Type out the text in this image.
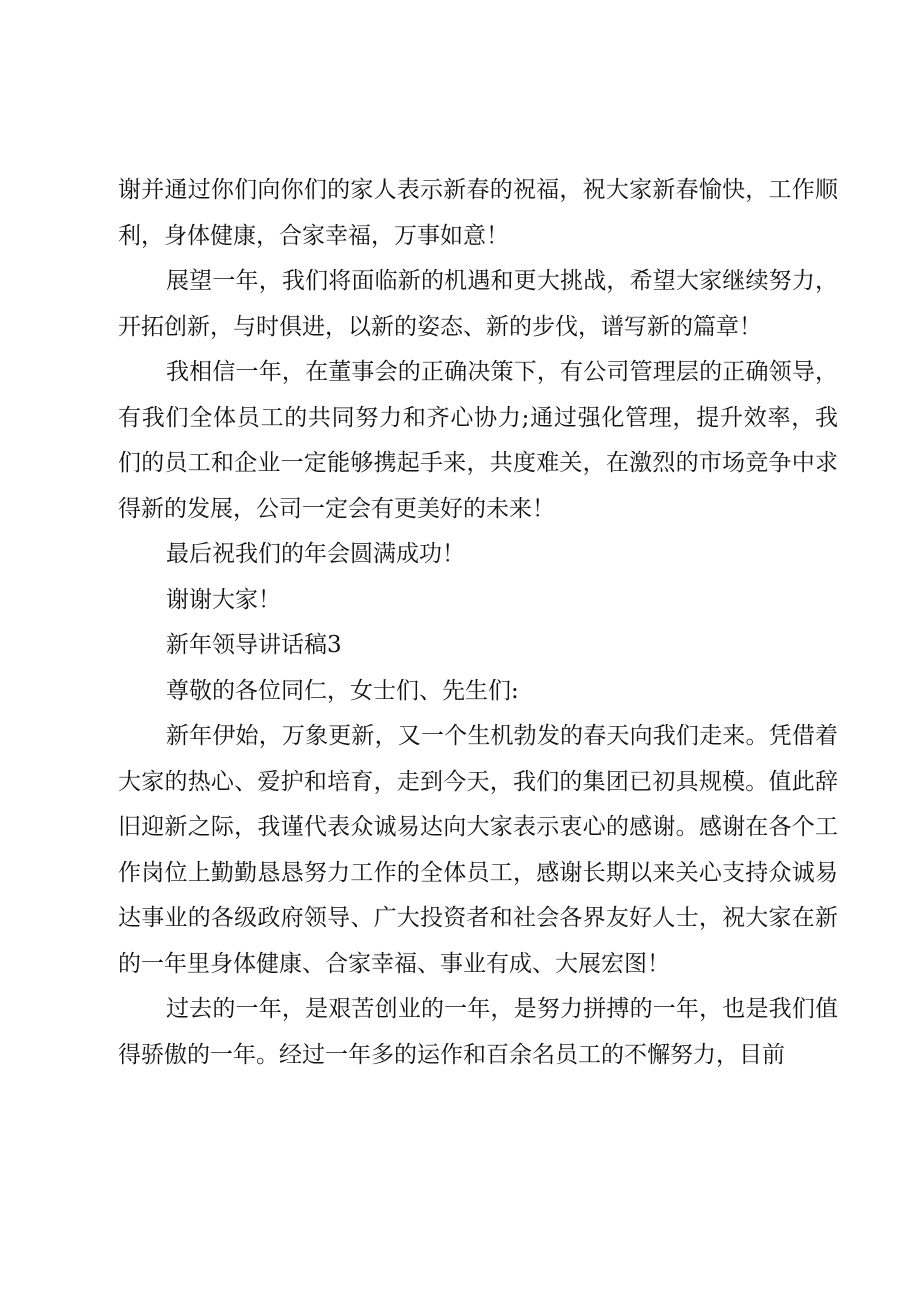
谢并通过你们向你们的家人表示新春的祝福，祝大家新春愉快，工作顺利，身体健康，合家幸福，万事如意！

展望一年，我们将面临新的机遇和更大挑战，希望大家继续努力，开拓创新，与时俱进，以新的姿态、新的步伐，谱写新的篇章！

我相信一年，在董事会的正确决策下，有公司管理层的正确领导，有我们全体员工的共同努力和齐心协力;通过强化管理，提升效率，我们的员工和企业一定能够携起手来，共度难关，在激烈的市场竞争中求得新的发展，公司一定会有更美好的未来！

最后祝我们的年会圆满成功！

谢谢大家！

新年领导讲话稿3

尊敬的各位同仁，女士们、先生们:

新年伊始，万象更新，又一个生机勃发的春天向我们走来。凭借着大家的热心、爱护和培育，走到今天，我们的集团已初具规模。值此辞旧迎新之际，我谨代表众诚易达向大家表示衷心的感谢。感谢在各个工作岗位上勤勤恳恳努力工作的全体员工，感谢长期以来关心支持众诚易达事业的各级政府领导、广大投资者和社会各界友好人士，祝大家在新的一年里身体健康、合家幸福、事业有成、大展宏图！

过去的一年，是艰苦创业的一年，是努力拼搏的一年，也是我们值得骄傲的一年。经过一年多的运作和百余名员工的不懈努力，目前
